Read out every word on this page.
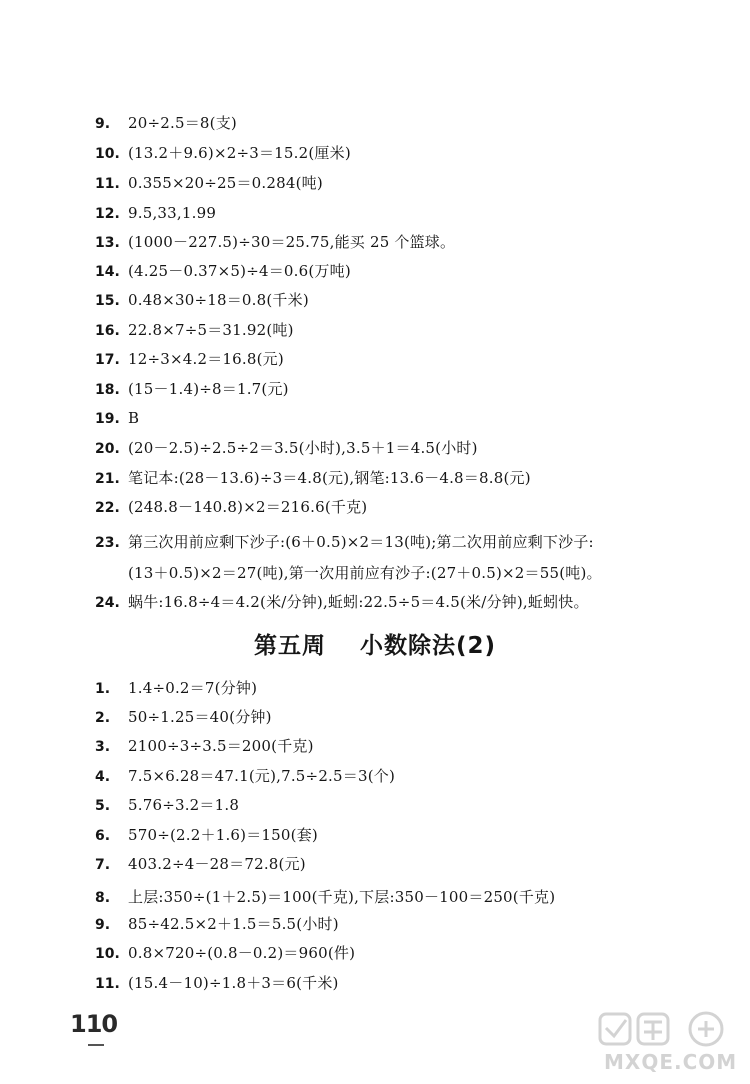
9. 20÷2.5＝8(支)
10. (13.2＋9.6)×2÷3＝15.2(厘米)
11. 0.355×20÷25＝0.284(吨)
12. 9.5,33,1.99
13. (1000－227.5)÷30＝25.75,能买 25 个篮球。
14. (4.25－0.37×5)÷4＝0.6(万吨)
15. 0.48×30÷18＝0.8(千米)
16. 22.8×7÷5＝31.92(吨)
17. 12÷3×4.2＝16.8(元)
18. (15－1.4)÷8＝1.7(元)
19. B
20. (20－2.5)÷2.5÷2＝3.5(小时),3.5＋1＝4.5(小时)
21. 笔记本:(28－13.6)÷3＝4.8(元),钢笔:13.6－4.8＝8.8(元)
22. (248.8－140.8)×2＝216.6(千克)
23. 第三次用前应剩下沙子:(6＋0.5)×2＝13(吨);第二次用前应剩下沙子:
(13＋0.5)×2＝27(吨),第一次用前应有沙子:(27＋0.5)×2＝55(吨)。
24. 蜗牛:16.8÷4＝4.2(米/分钟),蚯蚓:22.5÷5＝4.5(米/分钟),蚯蚓快。
第五周 小数除法(2)
1. 1.4÷0.2＝7(分钟)
2. 50÷1.25＝40(分钟)
3. 2100÷3÷3.5＝200(千克)
4. 7.5×6.28＝47.1(元),7.5÷2.5＝3(个)
5. 5.76÷3.2＝1.8
6. 570÷(2.2＋1.6)＝150(套)
7. 403.2÷4－28＝72.8(元)
8. 上层:350÷(1＋2.5)＝100(千克),下层:350－100＝250(千克)
9. 85÷42.5×2＋1.5＝5.5(小时)
10. 0.8×720÷(0.8－0.2)＝960(件)
11. (15.4－10)÷1.8＋3＝6(千米)
110
MXQE.COM
